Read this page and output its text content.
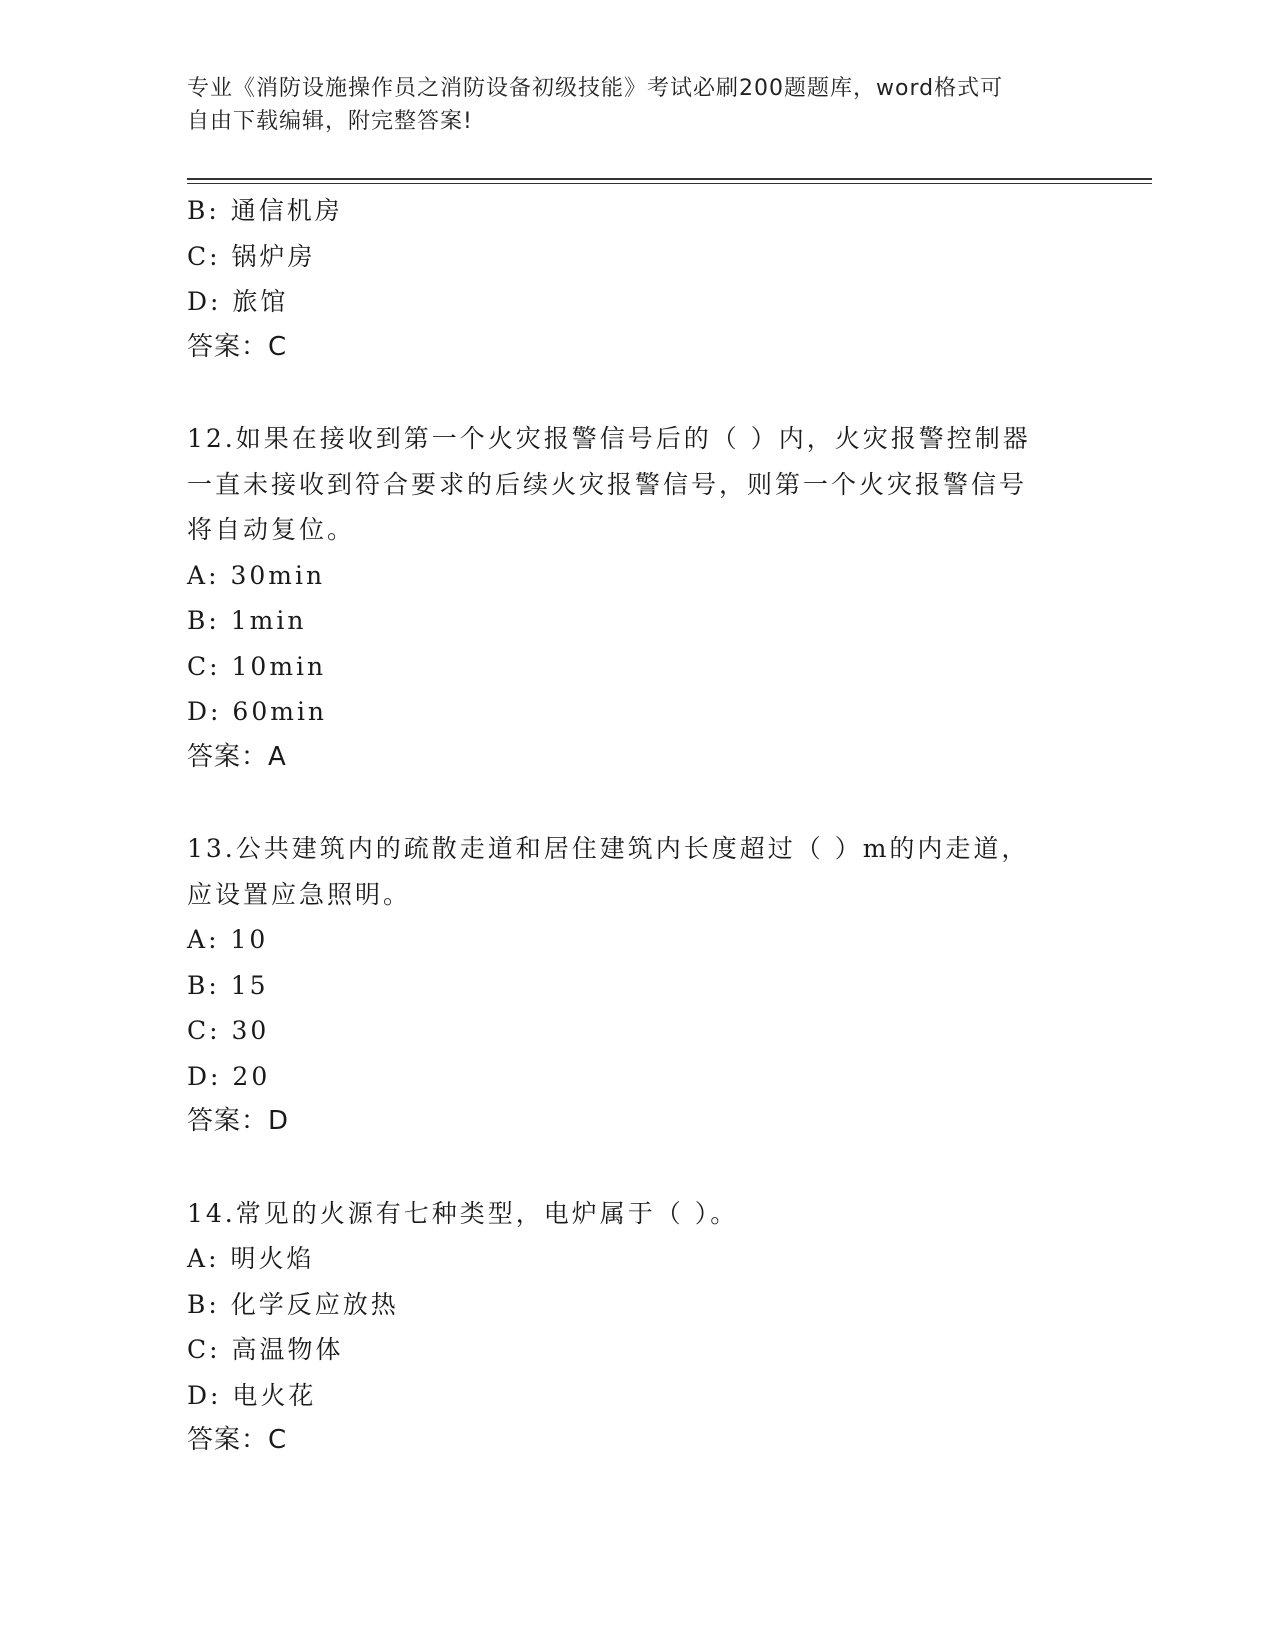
专业《消防设施操作员之消防设备初级技能》考试必刷200题题库，word格式可
自由下载编辑，附完整答案!
B: 通信机房
C: 锅炉房
D: 旅馆
答案：C
12.如果在接收到第一个火灾报警信号后的（ ）内，火灾报警控制器
一直未接收到符合要求的后续火灾报警信号，则第一个火灾报警信号
将自动复位。
A: 30min
B: 1min
C: 10min
D: 60min
答案：A
13.公共建筑内的疏散走道和居住建筑内长度超过（ ）m的内走道，
应设置应急照明。
A: 10
B: 15
C: 30
D: 20
答案：D
14.常见的火源有七种类型，电炉属于（ ）。
A: 明火焰
B: 化学反应放热
C: 高温物体
D: 电火花
答案：C
